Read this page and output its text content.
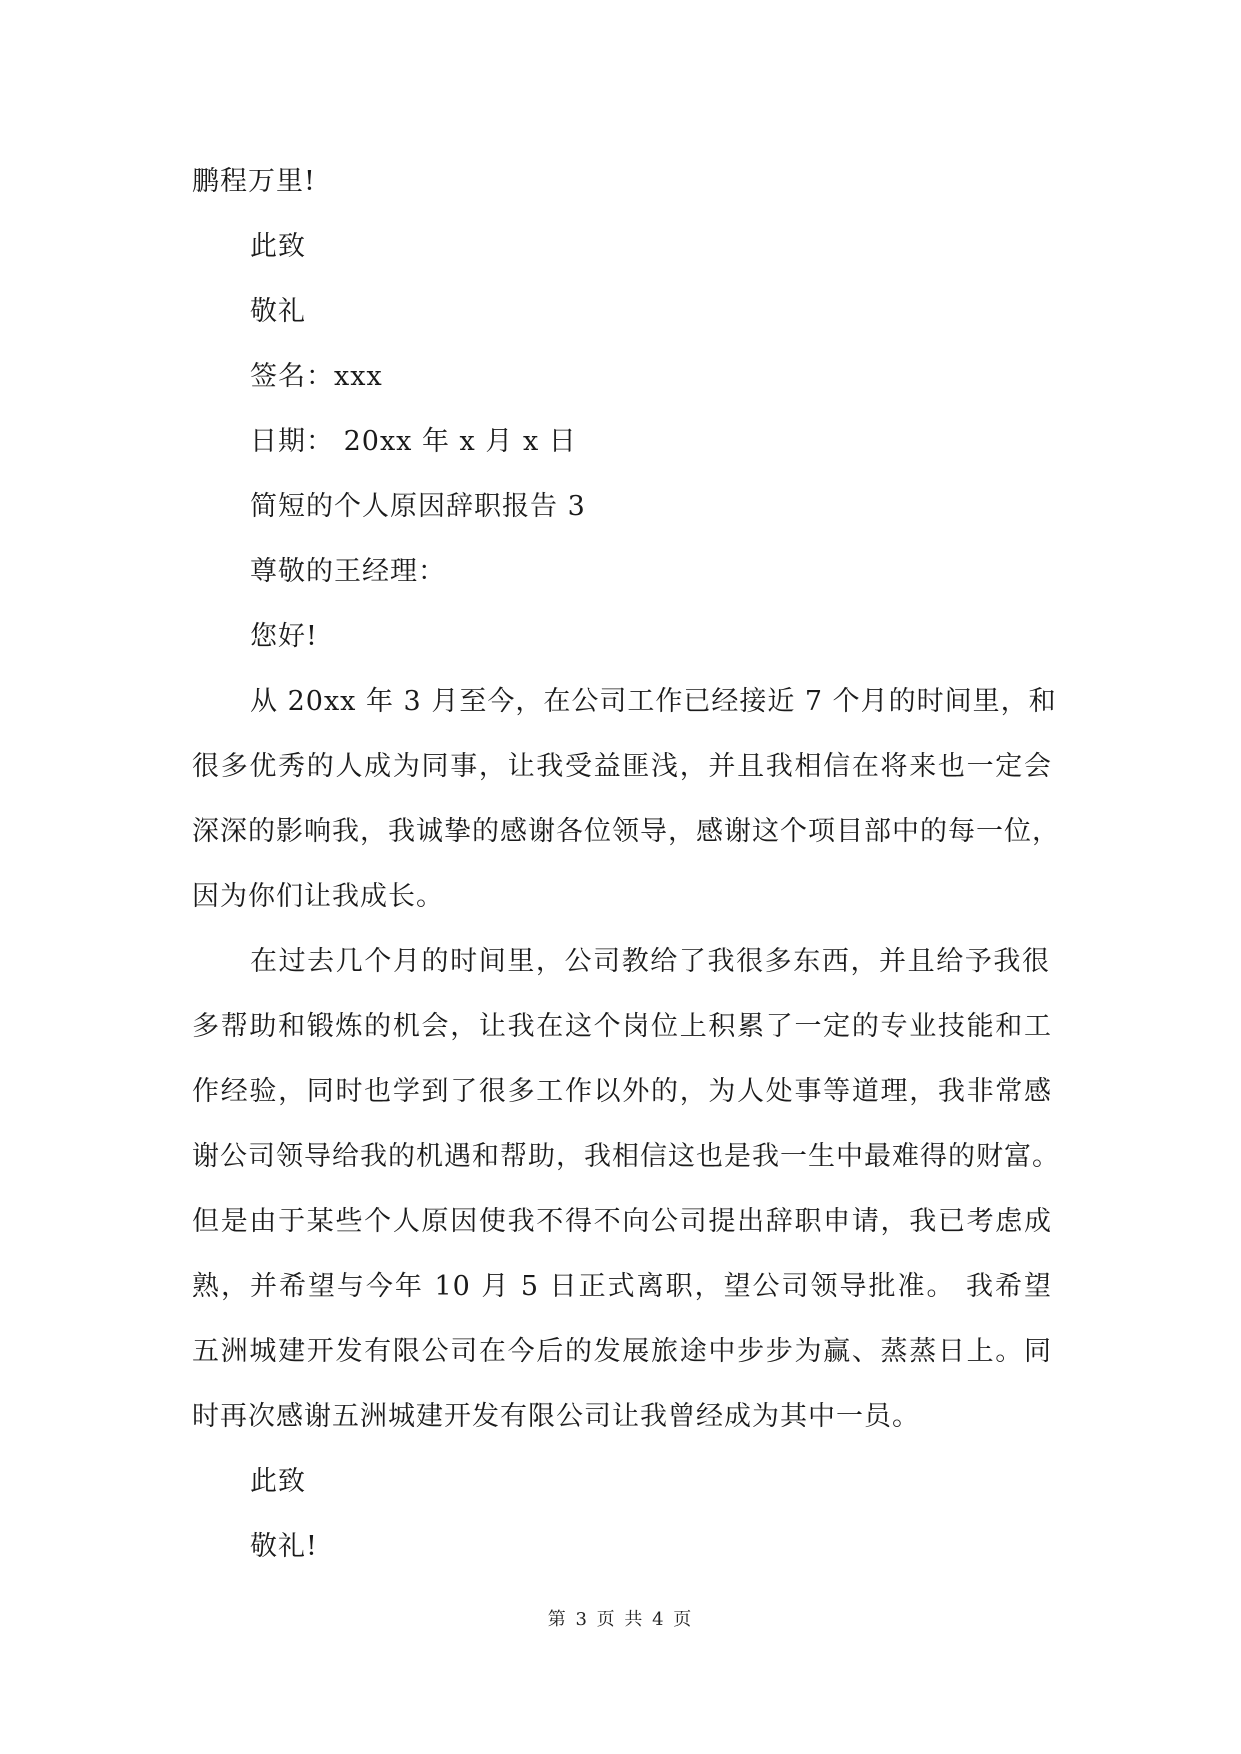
鹏程万里!
此致
敬礼
签名：xxx
日期： 20xx 年 x 月 x 日
简短的个人原因辞职报告 3
尊敬的王经理：
您好!
从 20xx 年 3 月至今，在公司工作已经接近 7 个月的时间里，和
很多优秀的人成为同事，让我受益匪浅，并且我相信在将来也一定会
深深的影响我，我诚挚的感谢各位领导，感谢这个项目部中的每一位，
因为你们让我成长。
在过去几个月的时间里，公司教给了我很多东西，并且给予我很
多帮助和锻炼的机会，让我在这个岗位上积累了一定的专业技能和工
作经验，同时也学到了很多工作以外的，为人处事等道理，我非常感
谢公司领导给我的机遇和帮助，我相信这也是我一生中最难得的财富。
但是由于某些个人原因使我不得不向公司提出辞职申请，我已考虑成
熟，并希望与今年 10 月 5 日正式离职，望公司领导批准。 我希望
五洲城建开发有限公司在今后的发展旅途中步步为赢、蒸蒸日上。同
时再次感谢五洲城建开发有限公司让我曾经成为其中一员。
此致
敬礼!
第 3 页 共 4 页
